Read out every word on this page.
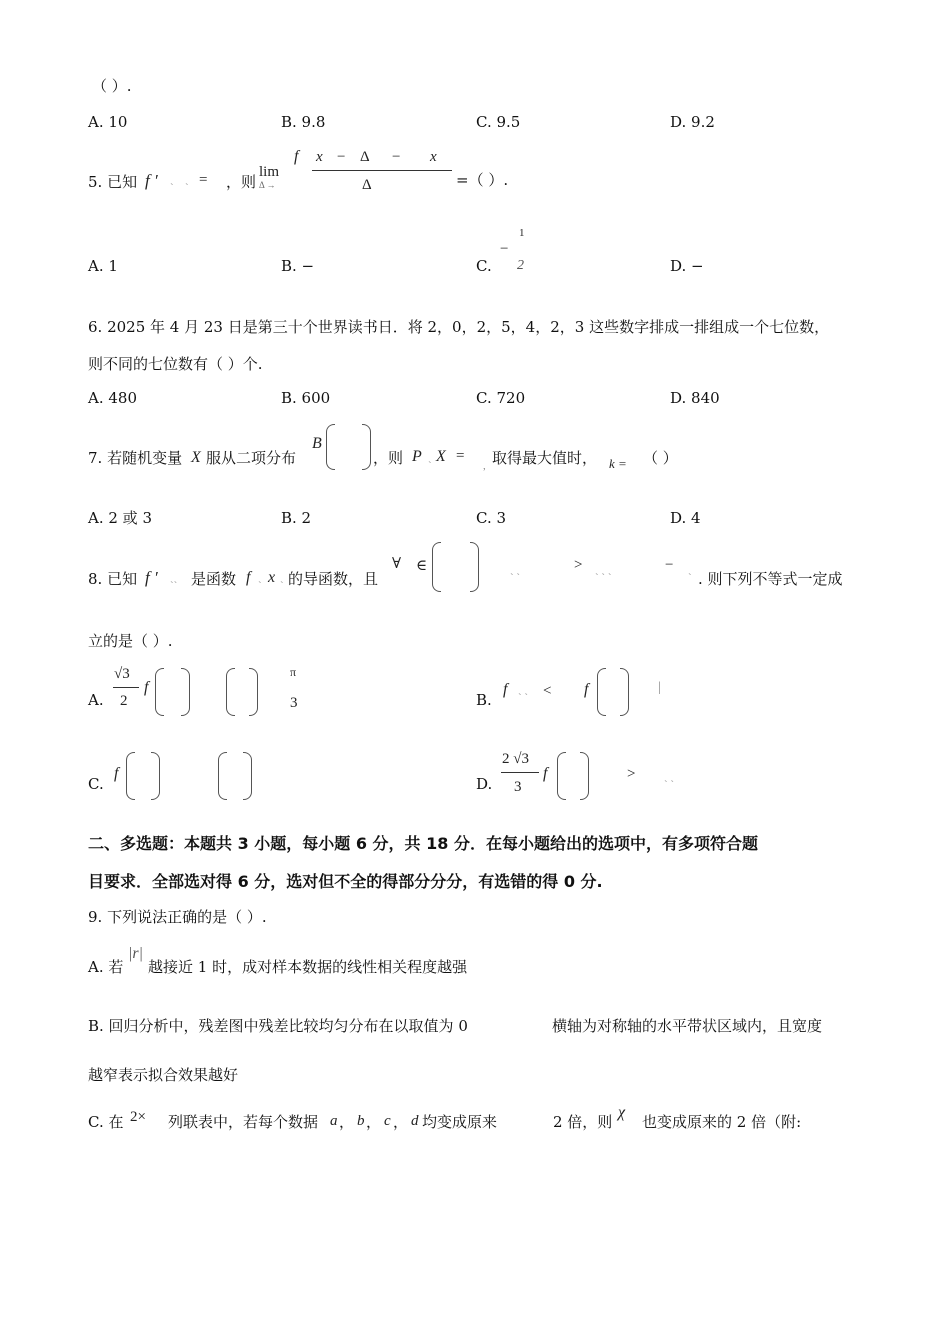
（ ）.
A. 10	B. 9.8	C. 9.5	D. 9.2
5. 已知 f ′ ` ` = ，则
lim
Δ →
f x − Δ − x
Δ	=（ ）.
A. 1	B. −	C.
−
1
2	D. −
6. 2025 年 4 月 23 日是第三十个世界读书日．将 2，0，2，5，4，2，3 这些数字排成一排组成一个七位数，
则不同的七位数有（ ）个.
A. 480	B. 600	C. 720	D. 840
7. 若随机变量 X 服从二项分布
B
，则 P
`
X =
, 取得最大值时， k = （ ）
A. 2 或 3	B. 2	C. 3	D. 4
8. 已知 f ′ `` 是函数 f ` x ` 的导函数，且
∀ ∈
` `
>
` ` `
−
` . 则下列不等式一定成
立的是（ ）.
A.
√3
2
f
π
3	B.
f ` ` < f	|
C.
f
D.
2 √3
3
f	>
` `
二、多选题：本题共 3 小题，每小题 6 分，共 18 分．在每小题给出的选项中，有多项符合题
目要求．全部选对得 6 分，选对但不全的得部分分分，有选错的得 0 分.
9. 下列说法正确的是（ ）.
A. 若
|r|
越接近 1 时，成对样本数据的线性相关程度越强
B. 回归分析中，残差图中残差比较均匀分布在以取值为 0	横轴为对称轴的水平带状区域内，且宽度
越窄表示拟合效果越好
C. 在 2× 列联表中，若每个数据 a ， b ， c ， d 均变成原来	2 倍，则
χ
也变成原来的 2 倍（附:
